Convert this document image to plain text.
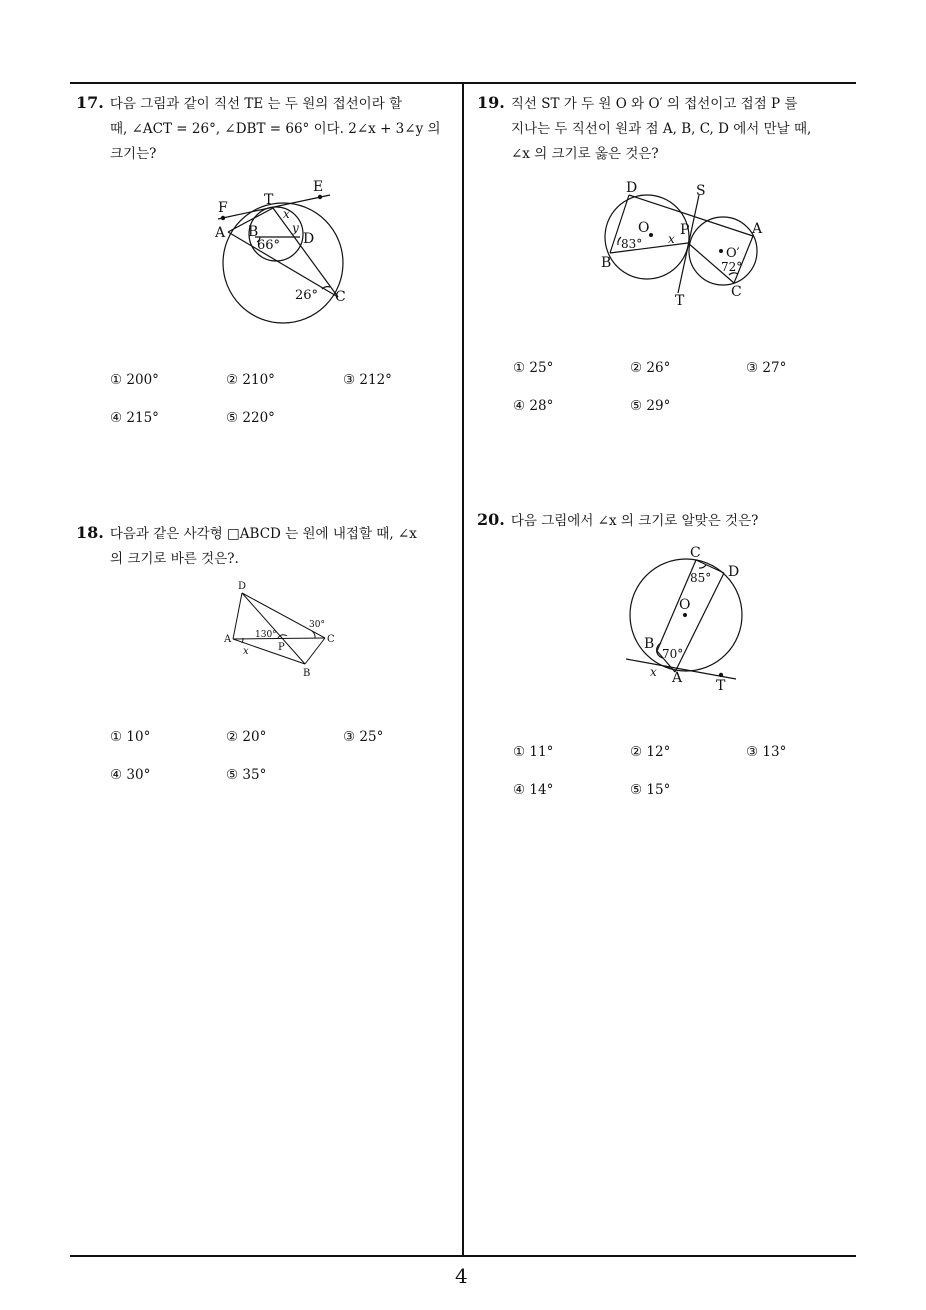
4
17. 다음 그림과 같이 직선 TE 는 두 원의 접선이라 할
때, ∠ACT = 26°, ∠DBT = 66° 이다. 2∠x + 3∠y 의
크기는?
F	T
E
A B	D
C
x
y
66°
26°
① 200°	② 210°	③ 212°
④ 215°	⑤ 220°
18. 다음과 같은 사각형 □ABCD 는 원에 내접할 때, ∠x
의 크기로 바른 것은?.
D
A
P
C
B
x
130°
30°
① 10°	② 20°	③ 25°
④ 30°	⑤ 35°
19. 직선 ST 가 두 원 O 와 O′ 의 접선이고 접점 P 를
지나는 두 직선이 원과 점 A, B, C, D 에서 만날 때,
∠x 의 크기로 옳은 것은?
D	S
O P	A
O′
B
x
T
C
83°
72°
① 25°	② 26°	③ 27°
④ 28°	⑤ 29°
20. 다음 그림에서 ∠x 의 크기로 알맞은 것은?
C
D
O
B
A T
x
85°
70°
① 11°	② 12°	③ 13°
④ 14°	⑤ 15°
